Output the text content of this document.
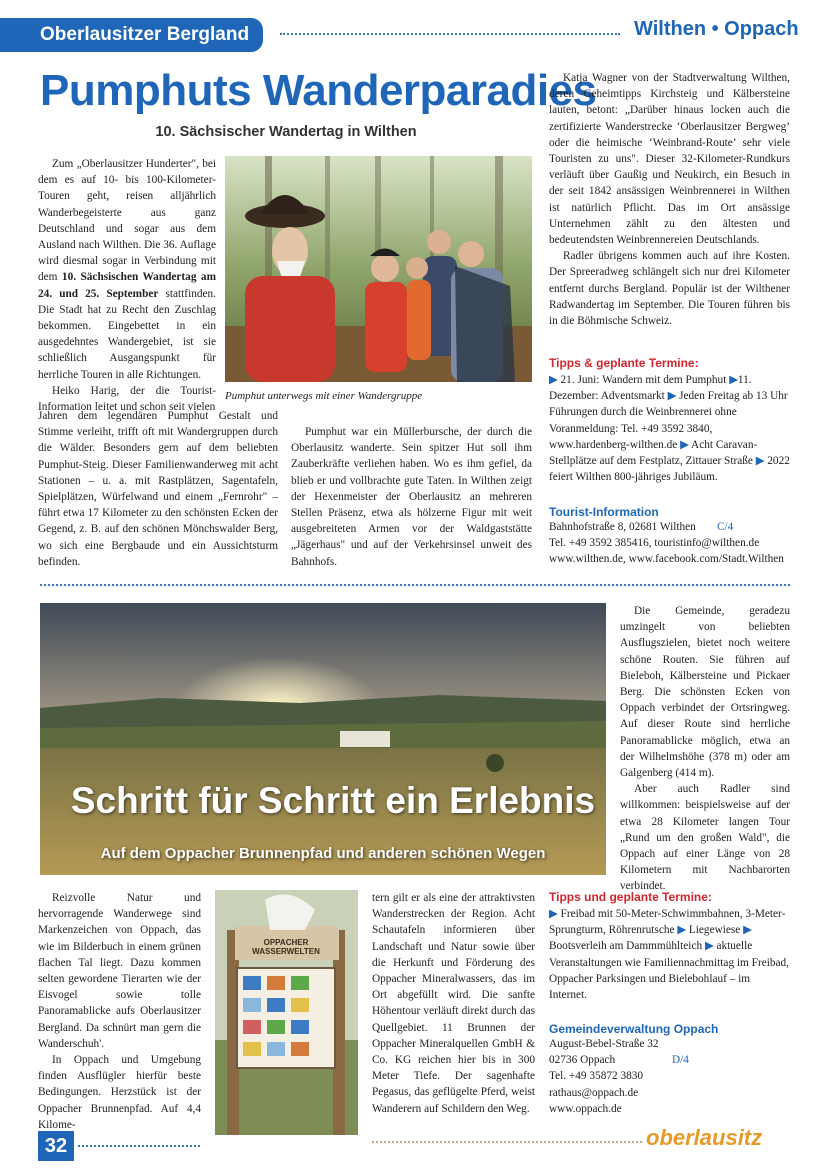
Oberlausitzer Bergland	Wilthen • Oppach
Pumphuts Wanderparadies
10. Sächsischer Wandertag in Wilthen

Zum „Oberlausitzer Hunderter", bei dem es auf 10- bis 100-Kilometer-Touren geht, reisen alljährlich Wanderbegeisterte aus ganz Deutschland und sogar aus dem Ausland nach Wilthen. Die 36. Auflage wird diesmal sogar in Verbindung mit dem 10. Sächsischen Wandertag am 24. und 25. September stattfinden. Die Stadt hat zu Recht den Zuschlag bekommen. Eingebettet in ein ausgedehntes Wandergebiet, ist sie schließlich Ausgangspunkt für herrliche Touren in alle Richtungen.

Heiko Harig, der die Tourist-Information leitet und schon seit vielen

Pumphut unterwegs mit einer Wandergruppe

Jahren dem legendären Pumphut Gestalt und Stimme verleiht, trifft oft mit Wandergruppen durch die Wälder. Besonders gern auf dem beliebten Pumphut-Steig. Dieser Familienwanderweg mit acht Stationen – u. a. mit Rastplätzen, Sagentafeln, Spielplätzen, Würfelwand und einem „Fernrohr" – führt etwa 17 Kilometer zu den schönsten Ecken der Gegend, z. B. auf den schönen Mönchswalder Berg, wo sich eine Bergbaude und ein Aussichtsturm befinden.

Pumphut war ein Müllerbursche, der durch die Oberlausitz wanderte. Sein spitzer Hut soll ihm Zauberkräfte verliehen haben. Wo es ihm gefiel, da blieb er und vollbrachte gute Taten. In Wilthen zeigt der Hexenmeister der Oberlausitz an mehreren Stellen Präsenz, etwa als hölzerne Figur mit weit ausgebreiteten Armen vor der Waldgaststätte „Jägerhaus" und auf der Verkehrsinsel unweit des Bahnhofs.

Katja Wagner von der Stadtverwaltung Wilthen, deren Geheimtipps Kirchsteig und Kälbersteine lauten, betont: „Darüber hinaus locken auch die zertifizierte Wanderstrecke ‘Oberlausitzer Bergweg’ oder die heimische ‘Weinbrand-Route’ sehr viele Touristen zu uns". Dieser 32-Kilometer-Rundkurs verläuft über Gaußig und Neukirch, ein Besuch in der seit 1842 ansässigen Weinbrennerei in Wilthen ist natürlich Pflicht. Das im Ort ansässige Unternehmen zählt zu den ältesten und bedeutendsten Weinbrennereien Deutschlands.

Radler übrigens kommen auch auf ihre Kosten. Der Spreeradweg schlängelt sich nur drei Kilometer entfernt durchs Bergland. Populär ist der Wilthener Radwandertag im September. Die Touren führen bis in die Böhmische Schweiz.

Tipps & geplante Termine:
▶ 21. Juni: Wandern mit dem Pumphut ▶11. Dezember: Adventsmarkt ▶ Jeden Freitag ab 13 Uhr Führungen durch die Weinbrennerei ohne Voranmeldung: Tel. +49 3592 3840, www.hardenberg-wilthen.de ▶ Acht Caravan-Stellplätze auf dem Festplatz, Zittauer Straße ▶ 2022 feiert Wilthen 800-jähriges Jubiläum.
Tourist-Information
Bahnhofstraße 8, 02681 Wilthen C/4
Tel. +49 3592 385416, touristinfo@wilthen.de
www.wilthen.de, www.facebook.com/Stadt.Wilthen
Schritt für Schritt ein Erlebnis
Auf dem Oppacher Brunnenpfad und anderen schönen Wegen

Die Gemeinde, geradezu umzingelt von beliebten Ausflugszielen, bietet noch weitere schöne Routen. Sie führen auf Bieleboh, Kälbersteine und Pickaer Berg. Die schönsten Ecken von Oppach verbindet der Ortsringweg. Auf dieser Route sind herrliche Panoramablicke möglich, etwa an der Wilhelmshöhe (378 m) oder am Galgenberg (414 m).

Aber auch Radler sind willkommen: beispielsweise auf der etwa 28 Kilometer langen Tour „Rund um den großen Wald", die Oppach auf einer Länge von 28 Kilometern mit Nachbarorten verbindet.

Reizvolle Natur und hervorragende Wanderwege sind Markenzeichen von Oppach, das wie im Bilderbuch in einem grünen flachen Tal liegt. Dazu kommen selten gewordene Tierarten wie der Eisvogel sowie tolle Panoramablicke aufs Oberlausitzer Bergland. Da schnürt man gern die Wanderschuh'.

In Oppach und Umgebung finden Ausflügler hierfür beste Bedingungen. Herzstück ist der Oppacher Brunnenpfad. Auf 4,4 Kilome-

OPPACHER WASSERWELTEN

tern gilt er als eine der attraktivsten Wanderstrecken der Region. Acht Schautafeln informieren über Landschaft und Natur sowie über die Herkunft und Förderung des Oppacher Mineralwassers, das im Ort abgefüllt wird. Die sanfte Höhentour verläuft direkt durch das Quellgebiet. 11 Brunnen der Oppacher Mineralquellen GmbH & Co. KG reichen hier bis in 300 Meter Tiefe. Der sagenhafte Pegasus, das geflügelte Pferd, weist Wanderern auf Schildern den Weg.

Tipps und geplante Termine:
▶ Freibad mit 50-Meter-Schwimmbahnen, 3-Meter-Sprungturm, Röhrenrutsche ▶ Liegewiese ▶ Bootsverleih am Dammmühlteich ▶ aktuelle Veranstaltungen wie Familiennachmittag im Freibad, Oppacher Parksingen und Bielebohlauf – im Internet.
Gemeindeverwaltung Oppach
August-Bebel-Straße 32
02736 Oppach	D/4
Tel. +49 35872 3830
rathaus@oppach.de
www.oppach.de
32	oberlausitz
